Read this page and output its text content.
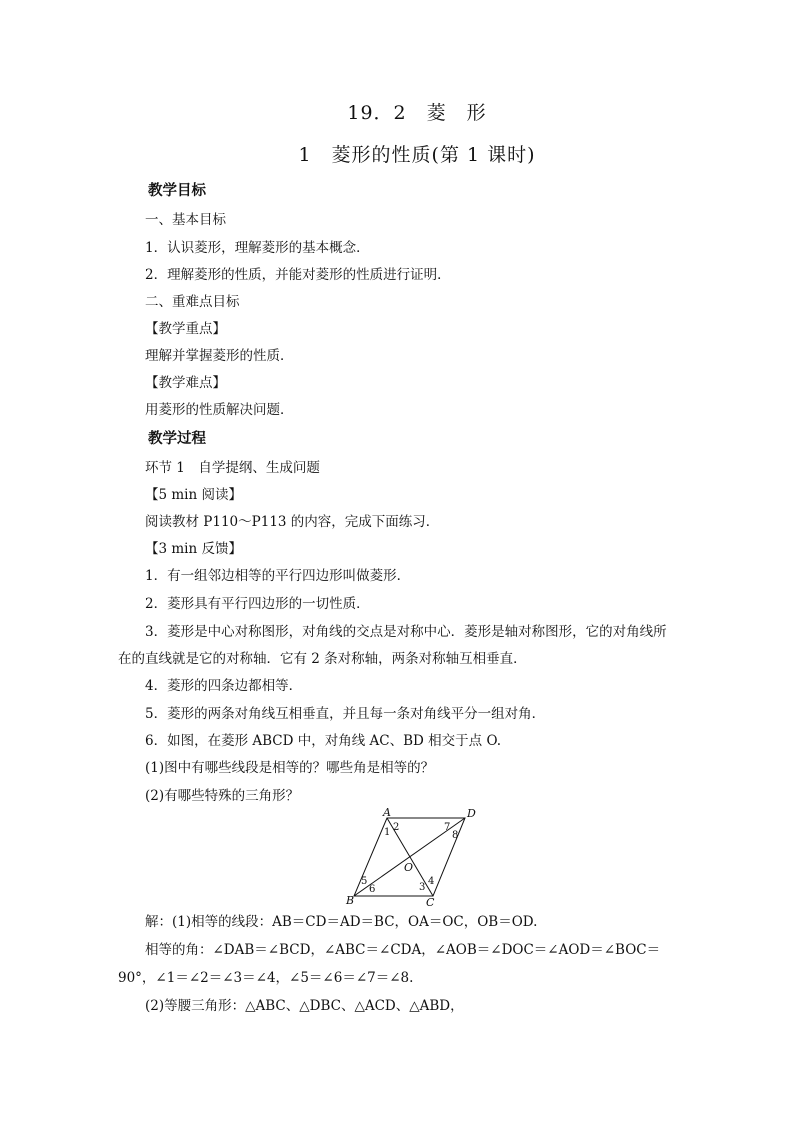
19．2　菱　形
1　菱形的性质(第 1 课时)
教学目标
一、基本目标
1．认识菱形，理解菱形的基本概念．
2．理解菱形的性质，并能对菱形的性质进行证明．
二、重难点目标
【教学重点】
理解并掌握菱形的性质．
【教学难点】
用菱形的性质解决问题．
教学过程
环节 1　自学提纲、生成问题
【5 min 阅读】
阅读教材 P110～P113 的内容，完成下面练习．
【3 min 反馈】
1．有一组邻边相等的平行四边形叫做菱形．
2．菱形具有平行四边形的一切性质．
3．菱形是中心对称图形，对角线的交点是对称中心．菱形是轴对称图形，它的对角线所
在的直线就是它的对称轴．它有 2 条对称轴，两条对称轴互相垂直．
4．菱形的四条边都相等．
5．菱形的两条对角线互相垂直，并且每一条对角线平分一组对角．
6．如图，在菱形 ABCD 中，对角线 AC、BD 相交于点 O.
(1)图中有哪些线段是相等的？哪些角是相等的？
(2)有哪些特殊的三角形？
A	D
B	C
O
1 2
3
4
5
6
7
8
解：(1)相等的线段：AB＝CD＝AD＝BC，OA＝OC，OB＝OD.
相等的角：∠DAB＝∠BCD，∠ABC＝∠CDA，∠AOB＝∠DOC＝∠AOD＝∠BOC＝
90°，∠1＝∠2＝∠3＝∠4，∠5＝∠6＝∠7＝∠8.
(2)等腰三角形：△ABC、△DBC、△ACD、△ABD，
